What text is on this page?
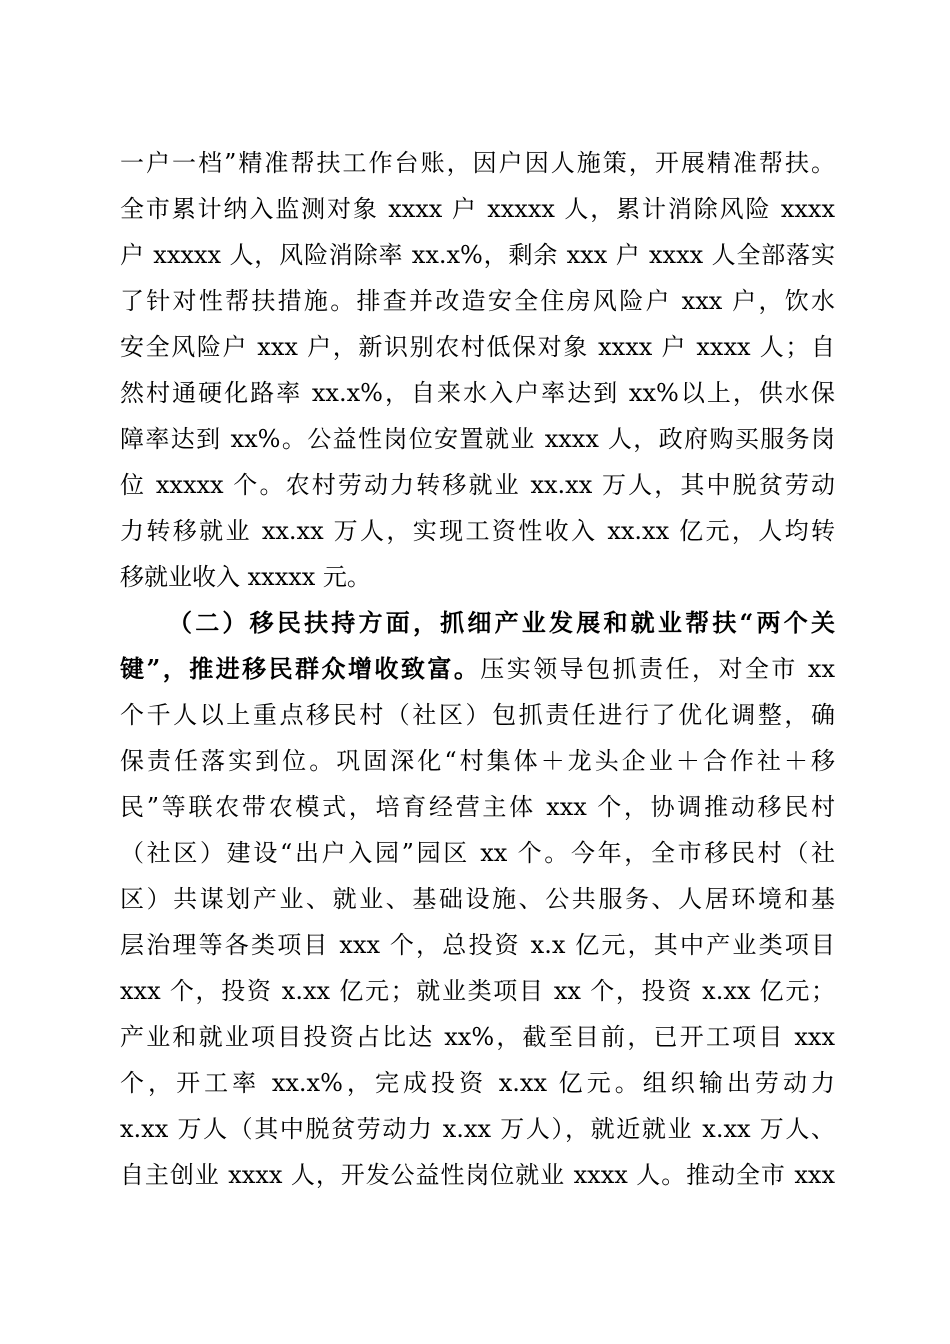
一户一档”精准帮扶工作台账，因户因人施策，开展精准帮扶。
全市累计纳入监测对象 xxxx 户 xxxxx 人，累计消除风险 xxxx
户 xxxxx 人，风险消除率 xx.x%，剩余 xxx 户 xxxx 人全部落实
了针对性帮扶措施。排查并改造安全住房风险户 xxx 户，饮水
安全风险户 xxx 户，新识别农村低保对象 xxxx 户 xxxx 人；自
然村通硬化路率 xx.x%，自来水入户率达到 xx%以上，供水保
障率达到 xx%。公益性岗位安置就业 xxxx 人，政府购买服务岗
位 xxxxx 个。农村劳动力转移就业 xx.xx 万人，其中脱贫劳动
力转移就业 xx.xx 万人，实现工资性收入 xx.xx 亿元，人均转
移就业收入 xxxxx 元。
（二）移民扶持方面，抓细产业发展和就业帮扶“两个关
键”，推进移民群众增收致富。压实领导包抓责任，对全市 xx
个千人以上重点移民村（社区）包抓责任进行了优化调整，确
保责任落实到位。巩固深化“村集体＋龙头企业＋合作社＋移
民”等联农带农模式，培育经营主体 xxx 个，协调推动移民村
（社区）建设“出户入园”园区 xx 个。今年，全市移民村（社
区）共谋划产业、就业、基础设施、公共服务、人居环境和基
层治理等各类项目 xxx 个，总投资 x.x 亿元，其中产业类项目
xxx 个，投资 x.xx 亿元；就业类项目 xx 个，投资 x.xx 亿元；
产业和就业项目投资占比达 xx%，截至目前，已开工项目 xxx
个，开工率 xx.x%，完成投资 x.xx 亿元。组织输出劳动力
x.xx 万人（其中脱贫劳动力 x.xx 万人），就近就业 x.xx 万人、
自主创业 xxxx 人，开发公益性岗位就业 xxxx 人。推动全市 xxx
